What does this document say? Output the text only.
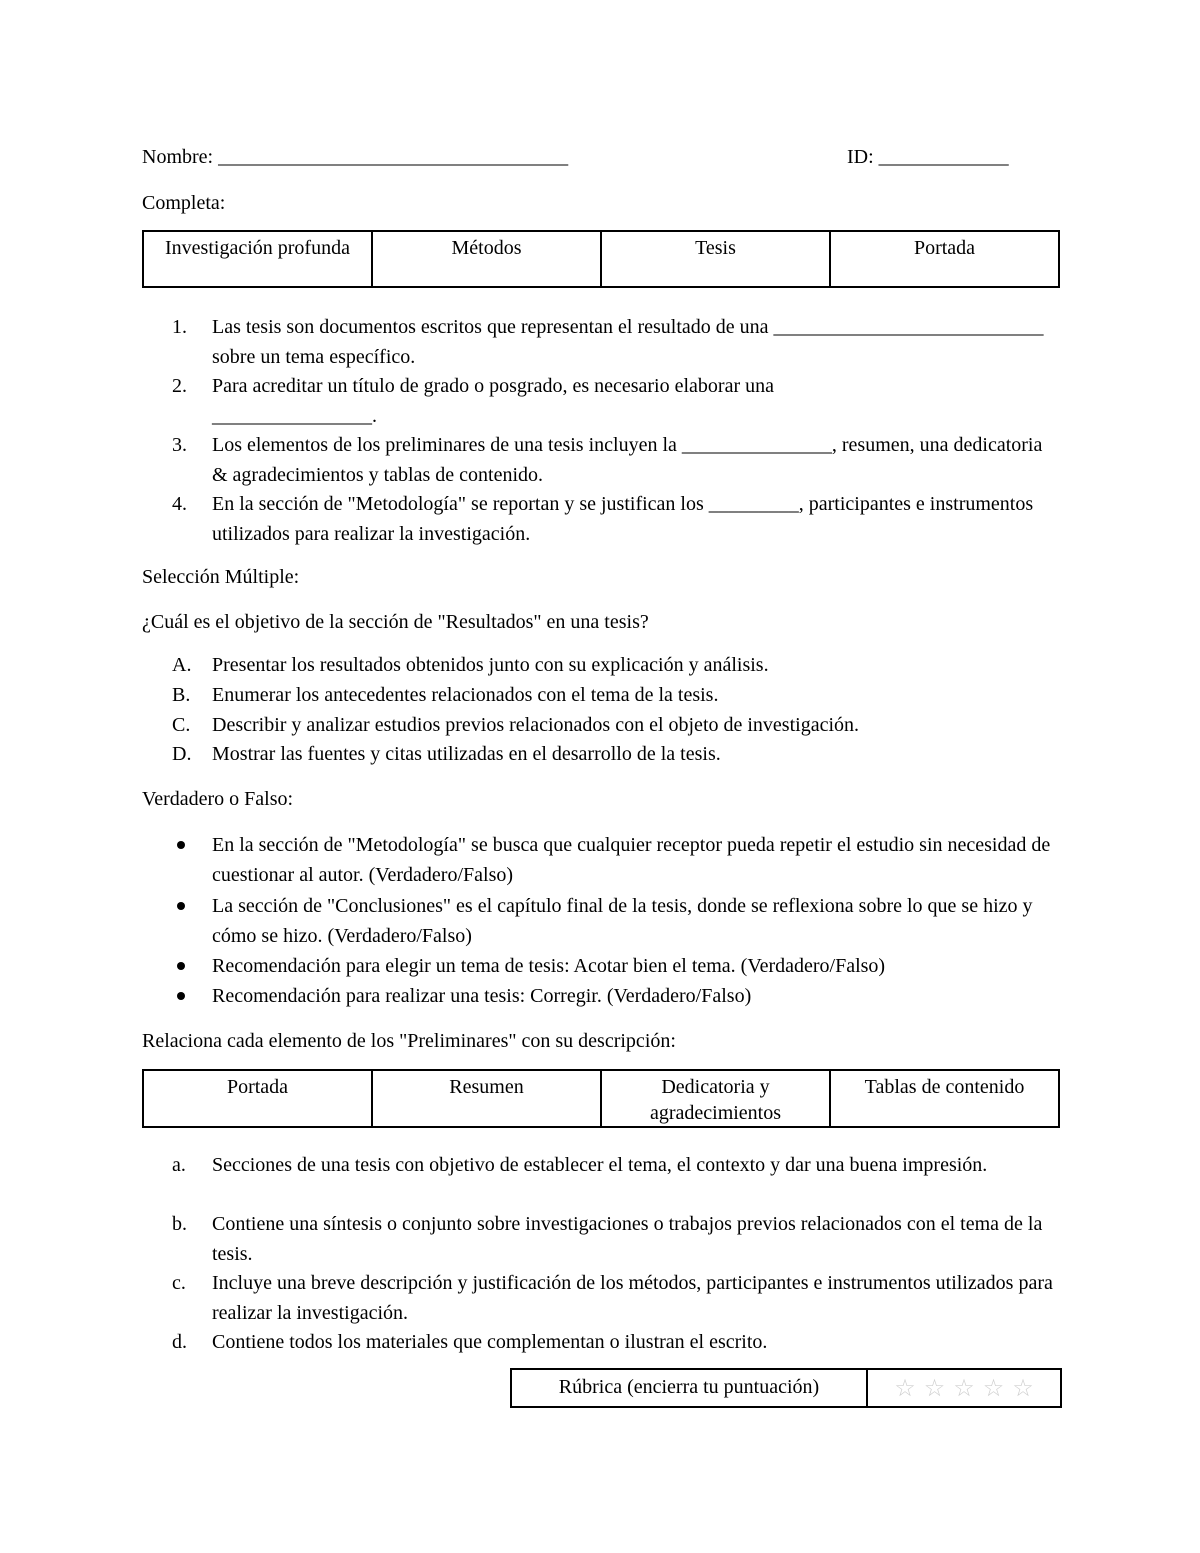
Nombre: ___________________________________	ID: _____________
Completa:
Investigación profunda	Métodos	Tesis	Portada
1. Las tesis son documentos escritos que representan el resultado de una ___________________________ sobre un tema específico.
2. Para acreditar un título de grado o posgrado, es necesario elaborar una ________________.
3. Los elementos de los preliminares de una tesis incluyen la _______________, resumen, una dedicatoria & agradecimientos y tablas de contenido.
4. En la sección de "Metodología" se reportan y se justifican los _________, participantes e instrumentos utilizados para realizar la investigación.
Selección Múltiple:
¿Cuál es el objetivo de la sección de "Resultados" en una tesis?
A. Presentar los resultados obtenidos junto con su explicación y análisis.
B. Enumerar los antecedentes relacionados con el tema de la tesis.
C. Describir y analizar estudios previos relacionados con el objeto de investigación.
D. Mostrar las fuentes y citas utilizadas en el desarrollo de la tesis.
Verdadero o Falso:
En la sección de "Metodología" se busca que cualquier receptor pueda repetir el estudio sin necesidad de cuestionar al autor. (Verdadero/Falso)
La sección de "Conclusiones" es el capítulo final de la tesis, donde se reflexiona sobre lo que se hizo y cómo se hizo. (Verdadero/Falso)
Recomendación para elegir un tema de tesis: Acotar bien el tema. (Verdadero/Falso)
Recomendación para realizar una tesis: Corregir. (Verdadero/Falso)
Relaciona cada elemento de los "Preliminares" con su descripción:
Portada	Resumen	Dedicatoria y agradecimientos	Tablas de contenido
a. Secciones de una tesis con objetivo de establecer el tema, el contexto y dar una buena impresión.
b. Contiene una síntesis o conjunto sobre investigaciones o trabajos previos relacionados con el tema de la tesis.
c. Incluye una breve descripción y justificación de los métodos, participantes e instrumentos utilizados para realizar la investigación.
d. Contiene todos los materiales que complementan o ilustran el escrito.
Rúbrica (encierra tu puntuación)	☆ ☆ ☆ ☆ ☆
